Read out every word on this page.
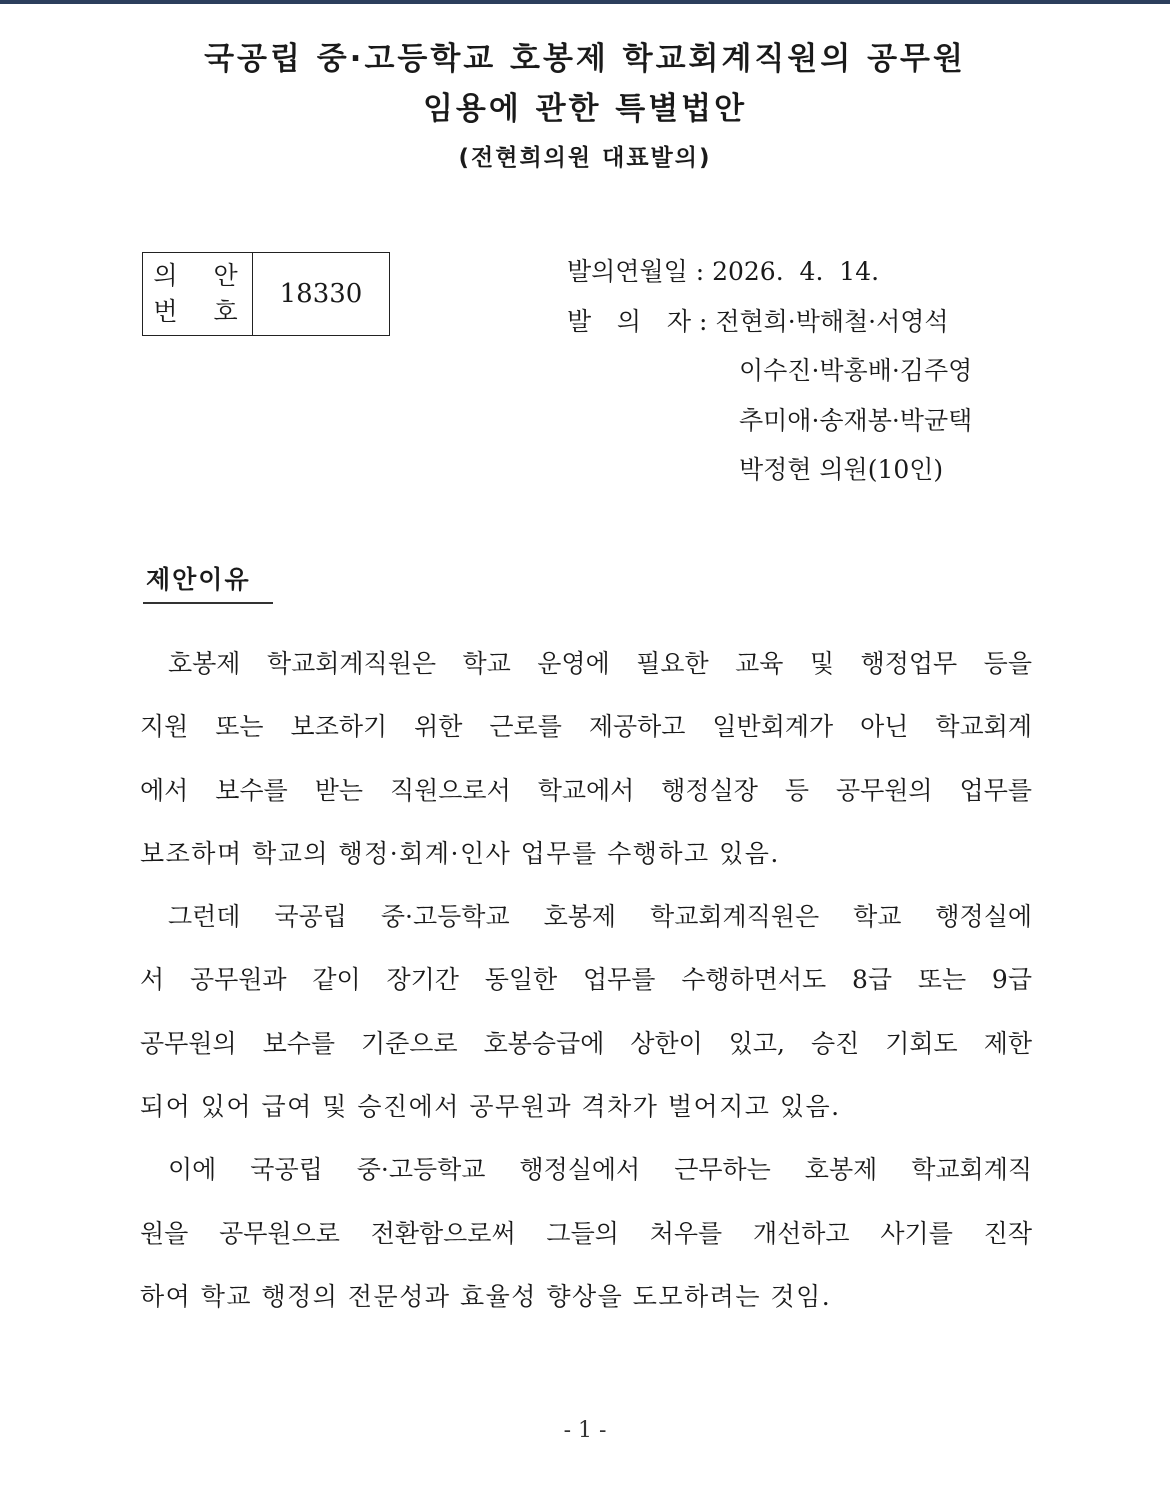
국공립 중·고등학교 호봉제 학교회계직원의 공무원
임용에 관한 특별법안
(전현희의원 대표발의)
의 안
번 호
18330
발의연월일 : 2026.  4.  14.
발 의 자 : 전현희·박해철·서영석
이수진·박홍배·김주영
추미애·송재봉·박균택
박정현 의원(10인)
제안이유
호봉제 학교회계직원은 학교 운영에 필요한 교육 및 행정업무 등을
지원 또는 보조하기 위한 근로를 제공하고 일반회계가 아닌 학교회계
에서 보수를 받는 직원으로서 학교에서 행정실장 등 공무원의 업무를
보조하며 학교의 행정·회계·인사 업무를 수행하고 있음.
그런데 국공립 중·고등학교 호봉제 학교회계직원은 학교 행정실에
서 공무원과 같이 장기간 동일한 업무를 수행하면서도 8급 또는 9급
공무원의 보수를 기준으로 호봉승급에 상한이 있고, 승진 기회도 제한
되어 있어 급여 및 승진에서 공무원과 격차가 벌어지고 있음.
이에 국공립 중·고등학교 행정실에서 근무하는 호봉제 학교회계직
원을 공무원으로 전환함으로써 그들의 처우를 개선하고 사기를 진작
하여 학교 행정의 전문성과 효율성 향상을 도모하려는 것임.
- 1 -
